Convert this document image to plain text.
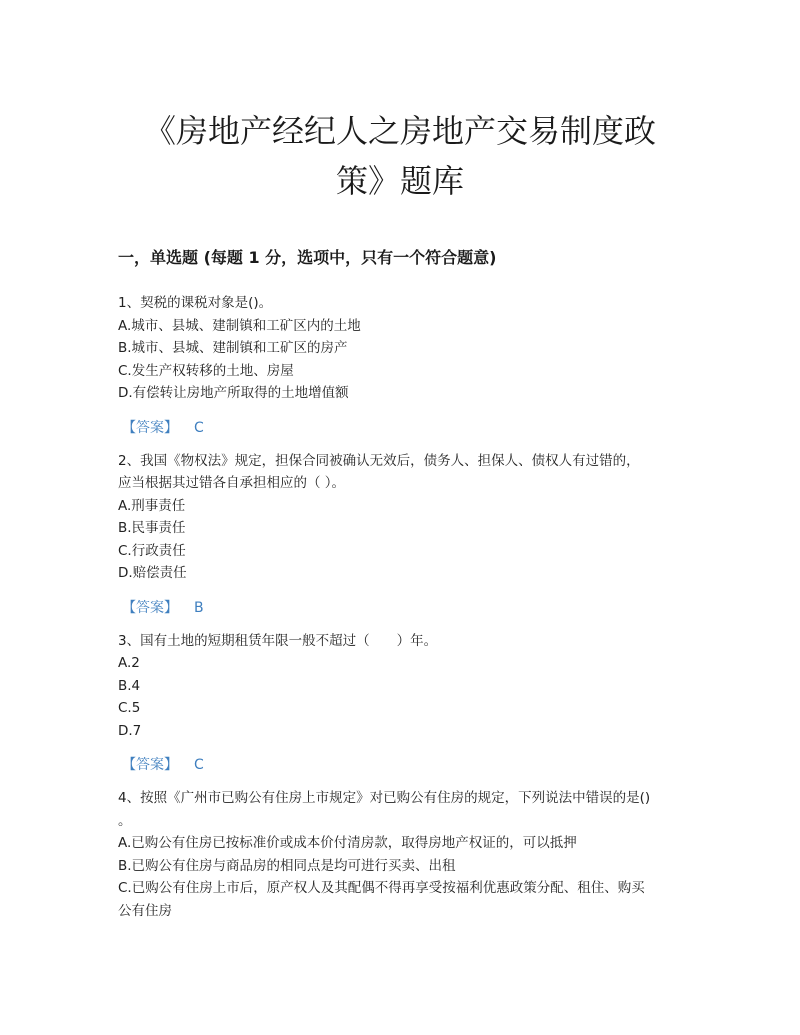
《房地产经纪人之房地产交易制度政
策》题库
一，单选题 (每题 1 分，选项中，只有一个符合题意)
1、契税的课税对象是()。
A.城市、县城、建制镇和工矿区内的土地
B.城市、县城、建制镇和工矿区的房产
C.发生产权转移的土地、房屋
D.有偿转让房地产所取得的土地增值额
【答案】 C
2、我国《物权法》规定，担保合同被确认无效后，债务人、担保人、债权人有过错的，
应当根据其过错各自承担相应的（ ）。
A.刑事责任
B.民事责任
C.行政责任
D.赔偿责任
【答案】 B
3、国有土地的短期租赁年限一般不超过（　　）年。
A.2
B.4
C.5
D.7
【答案】 C
4、按照《广州市已购公有住房上市规定》对已购公有住房的规定，下列说法中错误的是()
。
A.已购公有住房已按标准价或成本价付清房款，取得房地产权证的，可以抵押
B.已购公有住房与商品房的相同点是均可进行买卖、出租
C.已购公有住房上市后，原产权人及其配偶不得再享受按福利优惠政策分配、租住、购买
公有住房
